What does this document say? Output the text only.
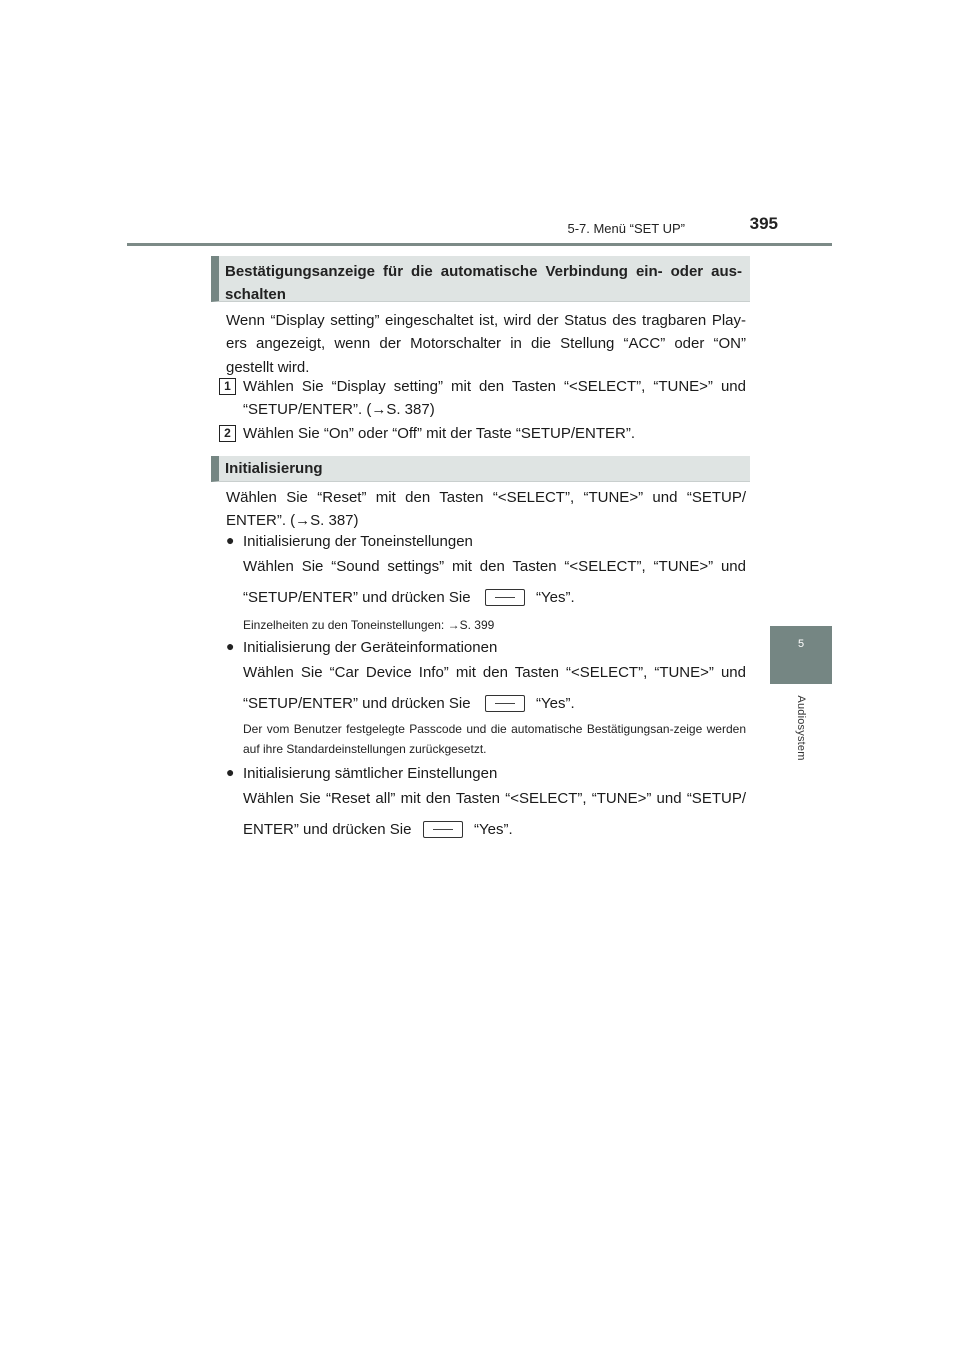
5-7. Menü “SET UP”	395
5
Audiosystem
Bestätigungsanzeige für die automatische Verbindung ein- oder aus-schalten
Wenn “Display setting” eingeschaltet ist, wird der Status des tragbaren Play-ers angezeigt, wenn der Motorschalter in die Stellung “ACC” oder “ON” gestellt wird.
1 Wählen Sie “Display setting” mit den Tasten “<SELECT”, “TUNE>” und “SETUP/ENTER”. (→S. 387)
2 Wählen Sie “On” oder “Off” mit der Taste “SETUP/ENTER”.
Initialisierung
Wählen Sie “Reset” mit den Tasten “<SELECT”, “TUNE>” und “SETUP/ ENTER”. (→S. 387)
● Initialisierung der Toneinstellungen
Wählen Sie “Sound settings” mit den Tasten “<SELECT”, “TUNE>” und
“SETUP/ENTER” und drücken Sie	“Yes”.
Einzelheiten zu den Toneinstellungen: →S. 399
● Initialisierung der Geräteinformationen
Wählen Sie “Car Device Info” mit den Tasten “<SELECT”, “TUNE>” und
“SETUP/ENTER” und drücken Sie	“Yes”.
Der vom Benutzer festgelegte Passcode und die automatische Bestätigungsan-zeige werden auf ihre Standardeinstellungen zurückgesetzt.
● Initialisierung sämtlicher Einstellungen
Wählen Sie “Reset all” mit den Tasten “<SELECT”, “TUNE>” und “SETUP/
ENTER” und drücken Sie	“Yes”.
